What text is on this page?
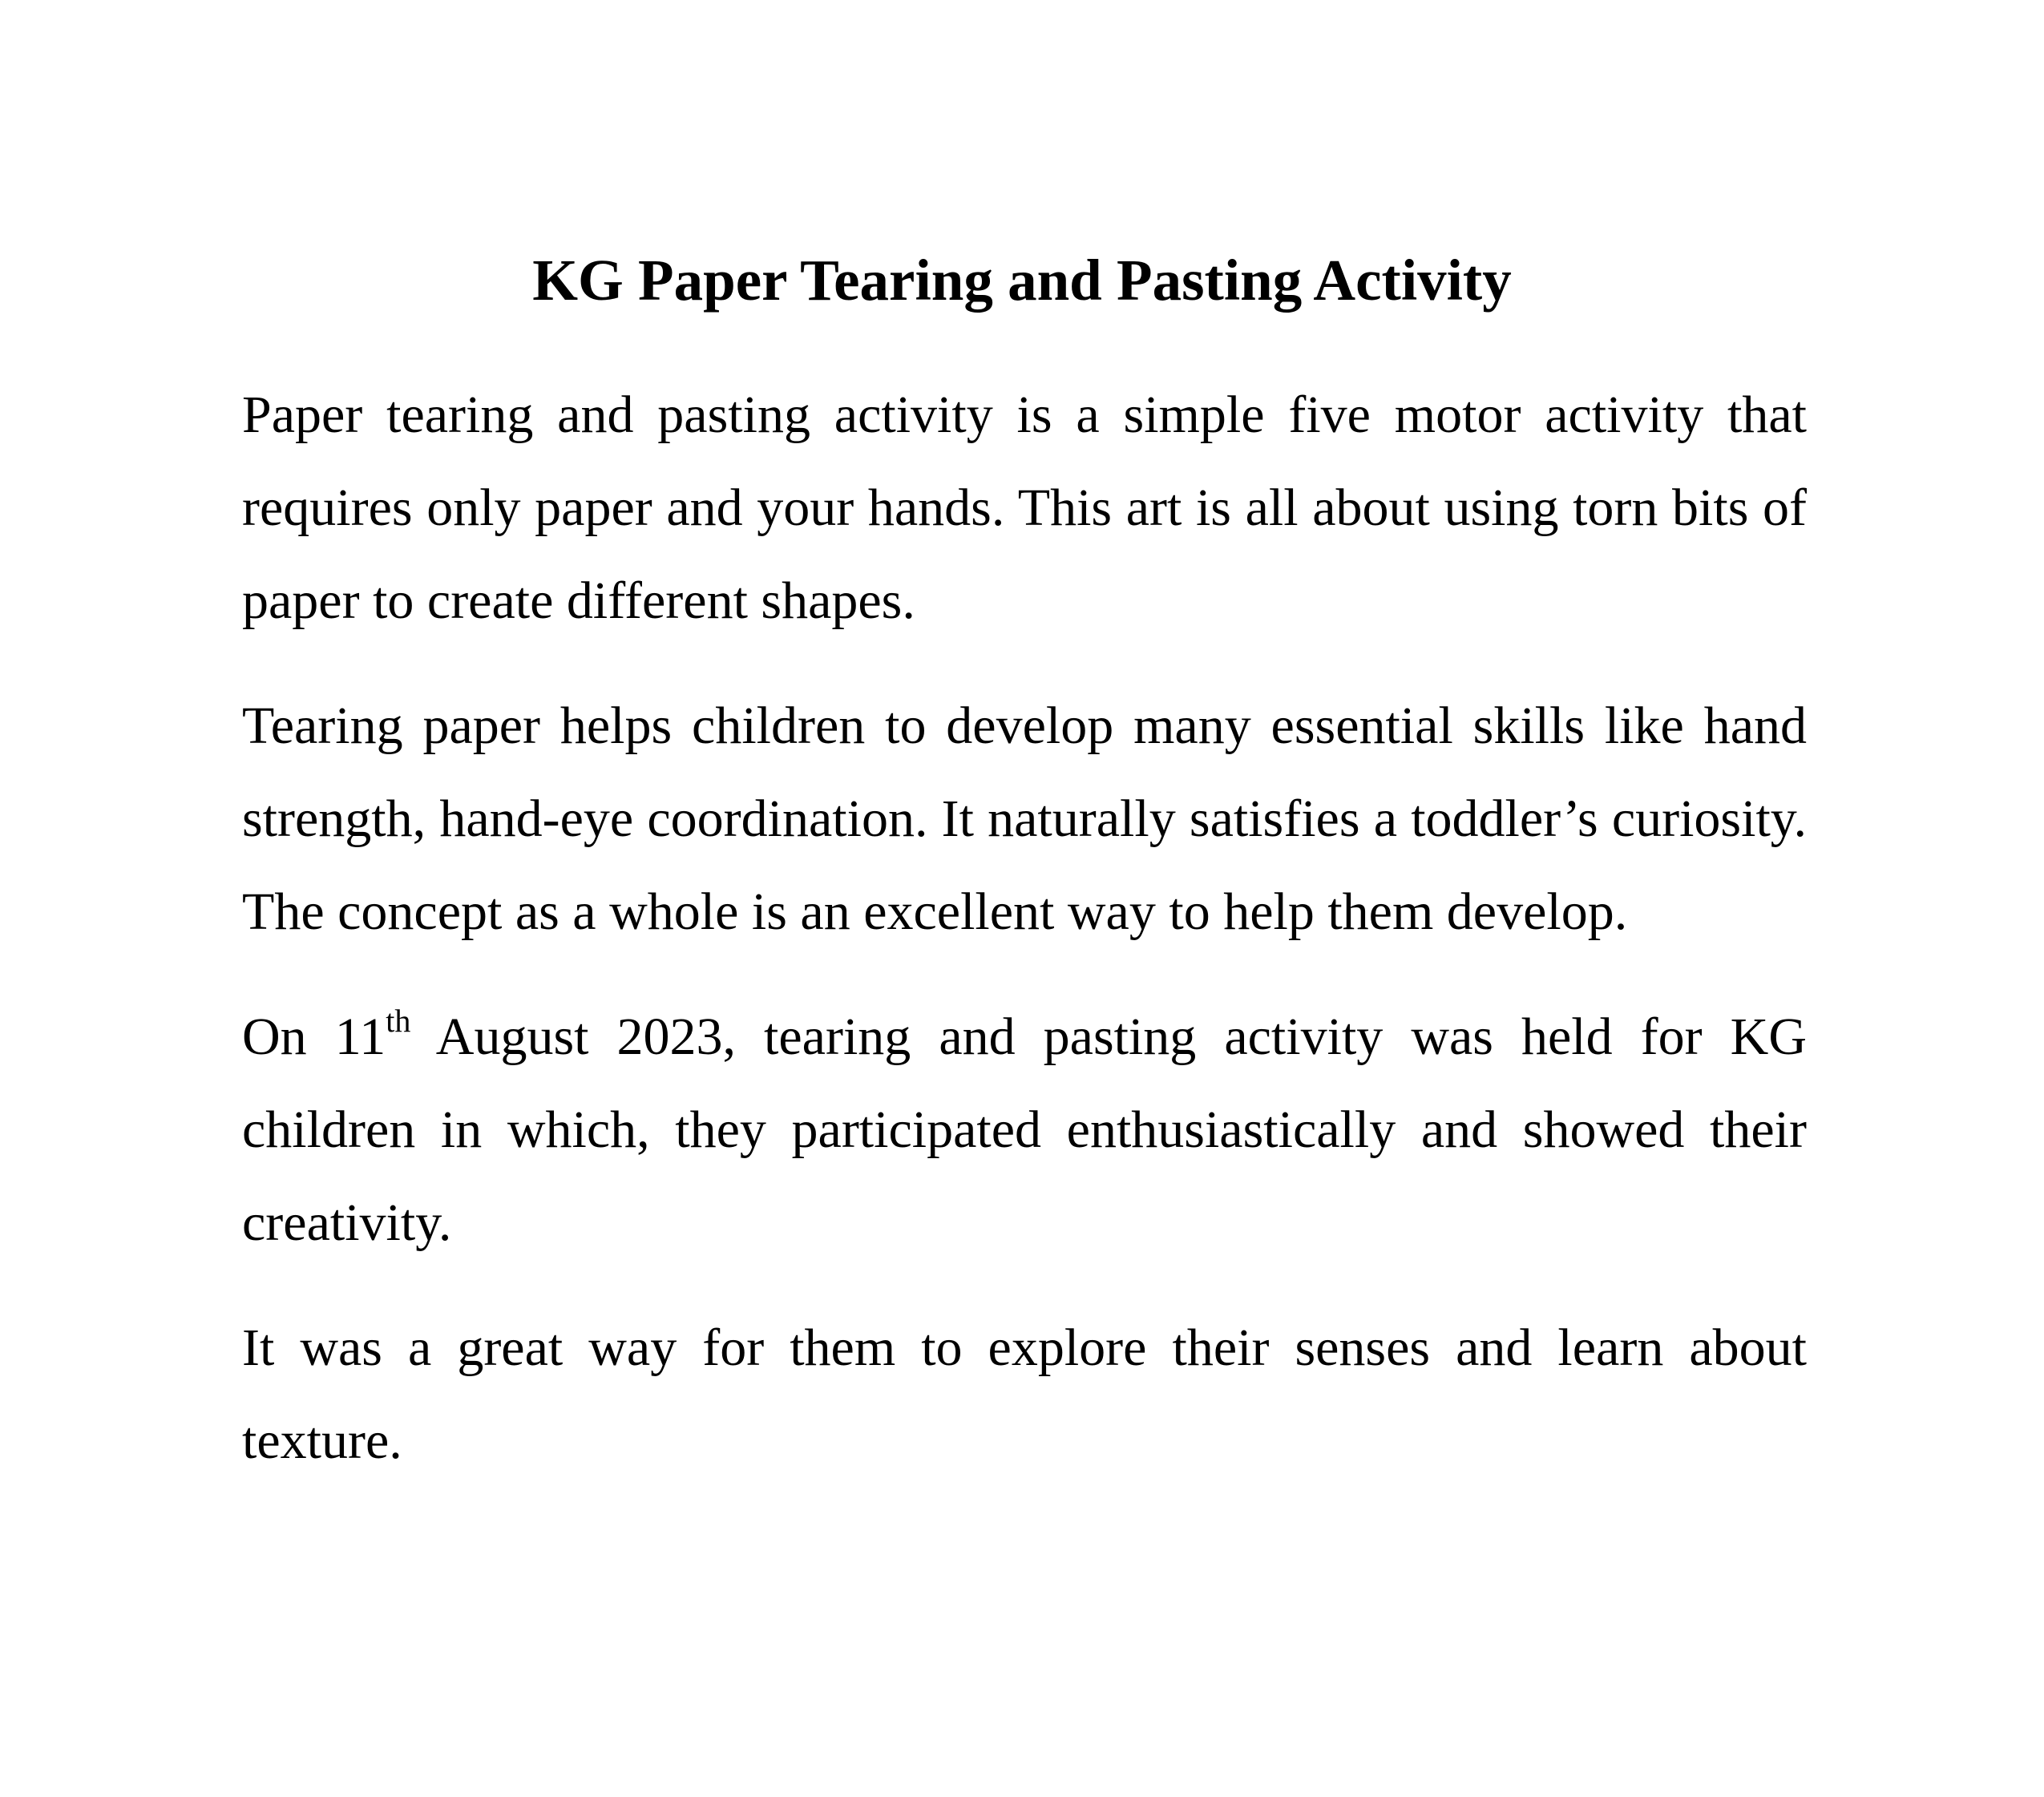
KG Paper Tearing and Pasting Activity

Paper tearing and pasting activity is a simple five motor activity that requires only paper and your hands. This art is all about using torn bits of paper to create different shapes.

Tearing paper helps children to develop many essential skills like hand strength, hand-eye coordination. It naturally satisfies a toddler’s curiosity. The concept as a whole is an excellent way to help them develop.

On 11th August 2023, tearing and pasting activity was held for KG children in which, they participated enthusiastically and showed their creativity.

It was a great way for them to explore their senses and learn about texture.
